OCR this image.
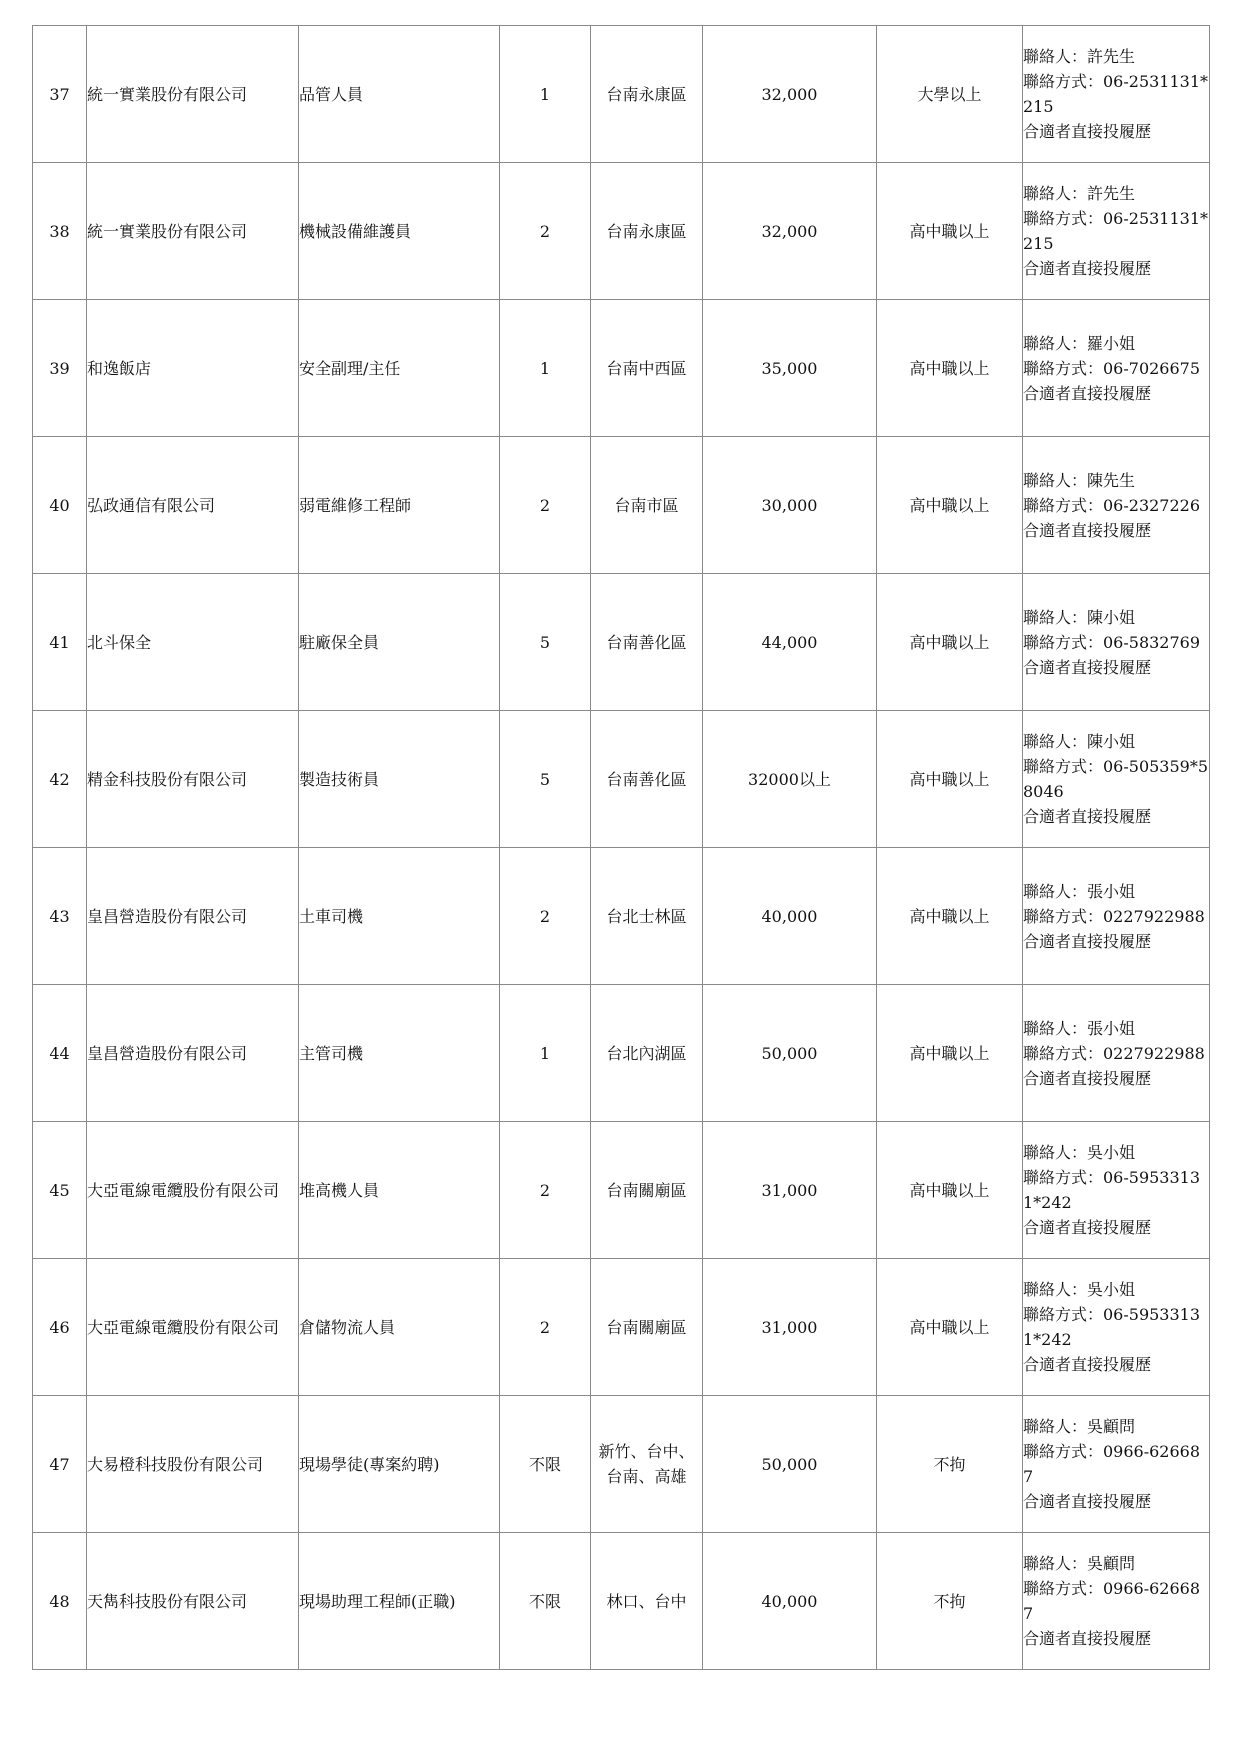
37	統一實業股份有限公司	品管人員	1	台南永康區	32,000	大學以上	聯絡人：許先生
聯絡方式：06-2531131*215
合適者直接投履歷

38	統一實業股份有限公司	機械設備維護員	2	台南永康區	32,000	高中職以上	聯絡人：許先生
聯絡方式：06-2531131*215
合適者直接投履歷

39	和逸飯店	安全副理/主任	1	台南中西區	35,000	高中職以上	聯絡人：羅小姐
聯絡方式：06-7026675
合適者直接投履歷

40	弘政通信有限公司	弱電維修工程師	2	台南市區	30,000	高中職以上	聯絡人：陳先生
聯絡方式：06-2327226
合適者直接投履歷

41	北斗保全	駐廠保全員	5	台南善化區	44,000	高中職以上	聯絡人：陳小姐
聯絡方式：06-5832769
合適者直接投履歷

42	精金科技股份有限公司	製造技術員	5	台南善化區	32000以上	高中職以上	聯絡人：陳小姐
聯絡方式：06-505359*58046
合適者直接投履歷

43	皇昌營造股份有限公司	土車司機	2	台北士林區	40,000	高中職以上	聯絡人：張小姐
聯絡方式：0227922988
合適者直接投履歷

44	皇昌營造股份有限公司	主管司機	1	台北內湖區	50,000	高中職以上	聯絡人：張小姐
聯絡方式：0227922988
合適者直接投履歷

45	大亞電線電纜股份有限公司	堆高機人員	2	台南關廟區	31,000	高中職以上	聯絡人：吳小姐
聯絡方式：06-59533131*242
合適者直接投履歷

46	大亞電線電纜股份有限公司	倉儲物流人員	2	台南關廟區	31,000	高中職以上	聯絡人：吳小姐
聯絡方式：06-59533131*242
合適者直接投履歷

47	大易橙科技股份有限公司	現場學徒(專案約聘)	不限	新竹、台中、台南、高雄	50,000	不拘	聯絡人：吳顧問
聯絡方式：0966-626687
合適者直接投履歷

48	天雋科技股份有限公司	現場助理工程師(正職)	不限	林口、台中	40,000	不拘	聯絡人：吳顧問
聯絡方式：0966-626687
合適者直接投履歷
